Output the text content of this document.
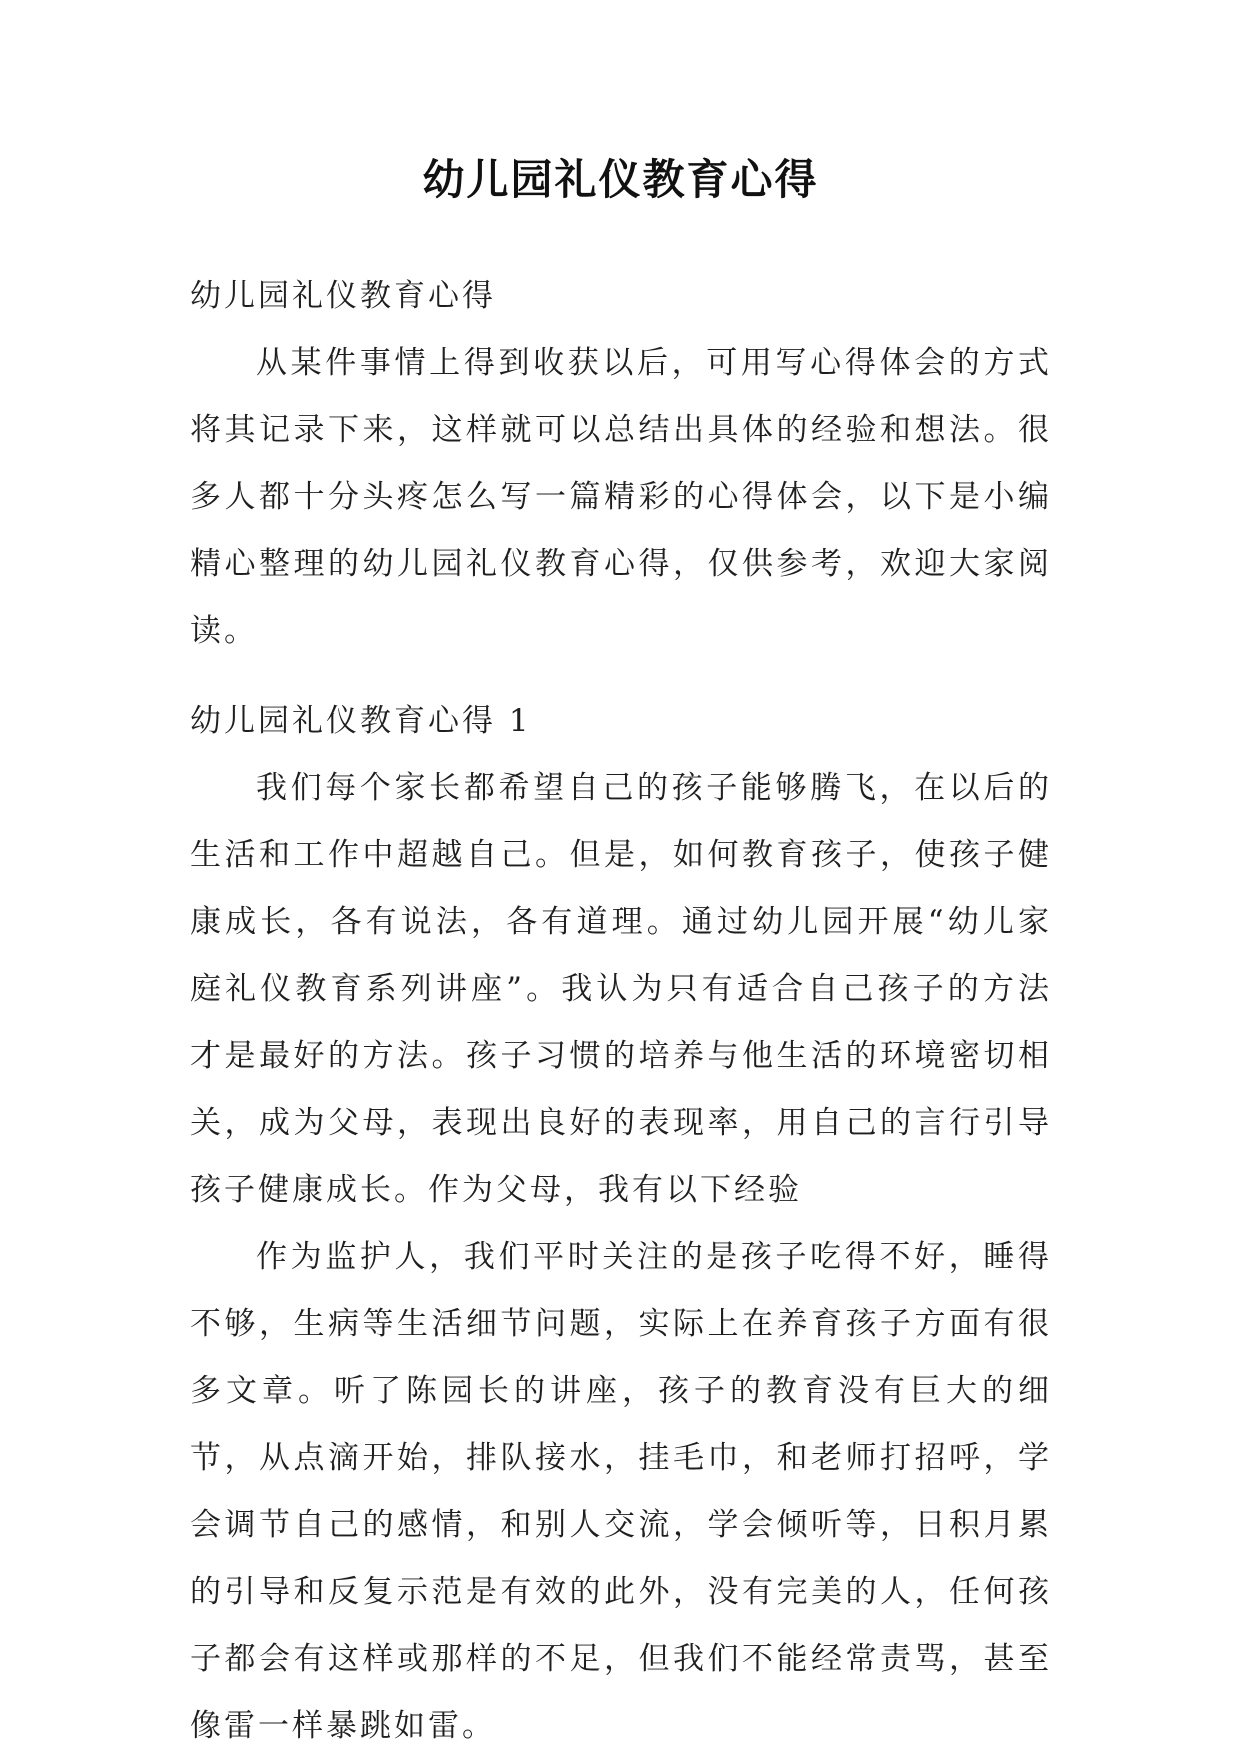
幼儿园礼仪教育心得

幼儿园礼仪教育心得

从某件事情上得到收获以后，可用写心得体会的方式将其记录下来，这样就可以总结出具体的经验和想法。很多人都十分头疼怎么写一篇精彩的心得体会，以下是小编精心整理的幼儿园礼仪教育心得，仅供参考，欢迎大家阅读。

幼儿园礼仪教育心得 1

我们每个家长都希望自己的孩子能够腾飞，在以后的生活和工作中超越自己。但是，如何教育孩子，使孩子健康成长，各有说法，各有道理。通过幼儿园开展“幼儿家庭礼仪教育系列讲座”。我认为只有适合自己孩子的方法才是最好的方法。孩子习惯的培养与他生活的环境密切相关，成为父母，表现出良好的表现率，用自己的言行引导孩子健康成长。作为父母，我有以下经验

作为监护人，我们平时关注的是孩子吃得不好，睡得不够，生病等生活细节问题，实际上在养育孩子方面有很多文章。听了陈园长的讲座，孩子的教育没有巨大的细节，从点滴开始，排队接水，挂毛巾，和老师打招呼，学会调节自己的感情，和别人交流，学会倾听等，日积月累的引导和反复示范是有效的此外，没有完美的人，任何孩子都会有这样或那样的不足，但我们不能经常责骂，甚至像雷一样暴跳如雷。
